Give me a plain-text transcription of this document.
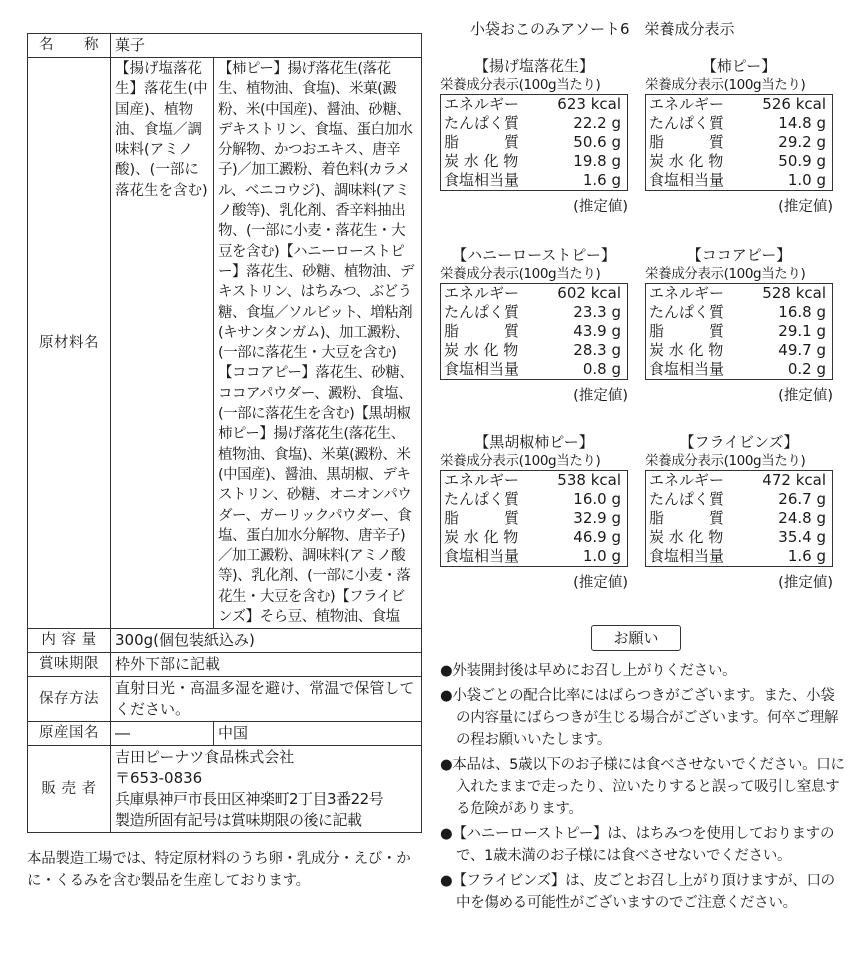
名　　称	菓子	
原材料名	【揚げ塩落花生】落花生(中国産)、植物油、食塩／調味料(アミノ酸)、(一部に落花生を含む)	【柿ピー】揚げ落花生(落花生、植物油、食塩)、米菓(澱粉、米(中国産)、醤油、砂糖、デキストリン、食塩、蛋白加水分解物、かつおエキス、唐辛子)／加工澱粉、着色料(カラメル、ベニコウジ)、調味料(アミノ酸等)、乳化剤、香辛料抽出物、(一部に小麦・落花生・大豆を含む)【ハニーローストピー】落花生、砂糖、植物油、デキストリン、はちみつ、ぶどう糖、食塩／ソルビット、増粘剤(キサンタンガム)、加工澱粉、(一部に落花生・大豆を含む)【ココアピー】落花生、砂糖、ココアパウダー、澱粉、食塩、(一部に落花生を含む)【黒胡椒柿ピー】揚げ落花生(落花生、植物油、食塩)、米菓(澱粉、米(中国産)、醤油、黒胡椒、デキストリン、砂糖、オニオンパウダー、ガーリックパウダー、食塩、蛋白加水分解物、唐辛子)／加工澱粉、調味料(アミノ酸等)、乳化剤、(一部に小麦・落花生・大豆を含む)【フライビンズ】そら豆、植物油、食塩
内 容 量	300g(個包装紙込み)	
賞味期限	枠外下部に記載	
保存方法	直射日光・高温多湿を避け、常温で保管してください。	
原産国名	―	中国
販 売 者	吉田ピーナツ食品株式会社
〒653-0836
兵庫県神戸市長田区神楽町2丁目3番22号
製造所固有記号は賞味期限の後に記載	
本品製造工場では、特定原材料のうち卵・乳成分・えび・かに・くるみを含む製品を生産しております。
小袋おこのみアソート6　栄養成分表示
【揚げ塩落花生】
栄養成分表示(100g当たり)
エネルギー	623 kcal
たんぱく質	22.2 g
脂　　　質	50.6 g
炭 水 化 物	19.8 g
食塩相当量	1.6 g
(推定値)
【柿ピー】
栄養成分表示(100g当たり)
エネルギー	526 kcal
たんぱく質	14.8 g
脂　　　質	29.2 g
炭 水 化 物	50.9 g
食塩相当量	1.0 g
(推定値)
【ハニーローストピー】
栄養成分表示(100g当たり)
エネルギー	602 kcal
たんぱく質	23.3 g
脂　　　質	43.9 g
炭 水 化 物	28.3 g
食塩相当量	0.8 g
(推定値)
【ココアピー】
栄養成分表示(100g当たり)
エネルギー	528 kcal
たんぱく質	16.8 g
脂　　　質	29.1 g
炭 水 化 物	49.7 g
食塩相当量	0.2 g
(推定値)
【黒胡椒柿ピー】
栄養成分表示(100g当たり)
エネルギー	538 kcal
たんぱく質	16.0 g
脂　　　質	32.9 g
炭 水 化 物	46.9 g
食塩相当量	1.0 g
(推定値)
【フライビンズ】
栄養成分表示(100g当たり)
エネルギー	472 kcal
たんぱく質	26.7 g
脂　　　質	24.8 g
炭 水 化 物	35.4 g
食塩相当量	1.6 g
(推定値)
お願い
●外装開封後は早めにお召し上がりください。
●小袋ごとの配合比率にはばらつきがございます。また、小袋の内容量にばらつきが生じる場合がございます。何卒ご理解の程お願いいたします。
●本品は、5歳以下のお子様には食べさせないでください。口に入れたままで走ったり、泣いたりすると誤って吸引し窒息する危険があります。
●【ハニーローストピー】は、はちみつを使用しておりますので、1歳未満のお子様には食べさせないでください。
●【フライビンズ】は、皮ごとお召し上がり頂けますが、口の中を傷める可能性がございますのでご注意ください。
